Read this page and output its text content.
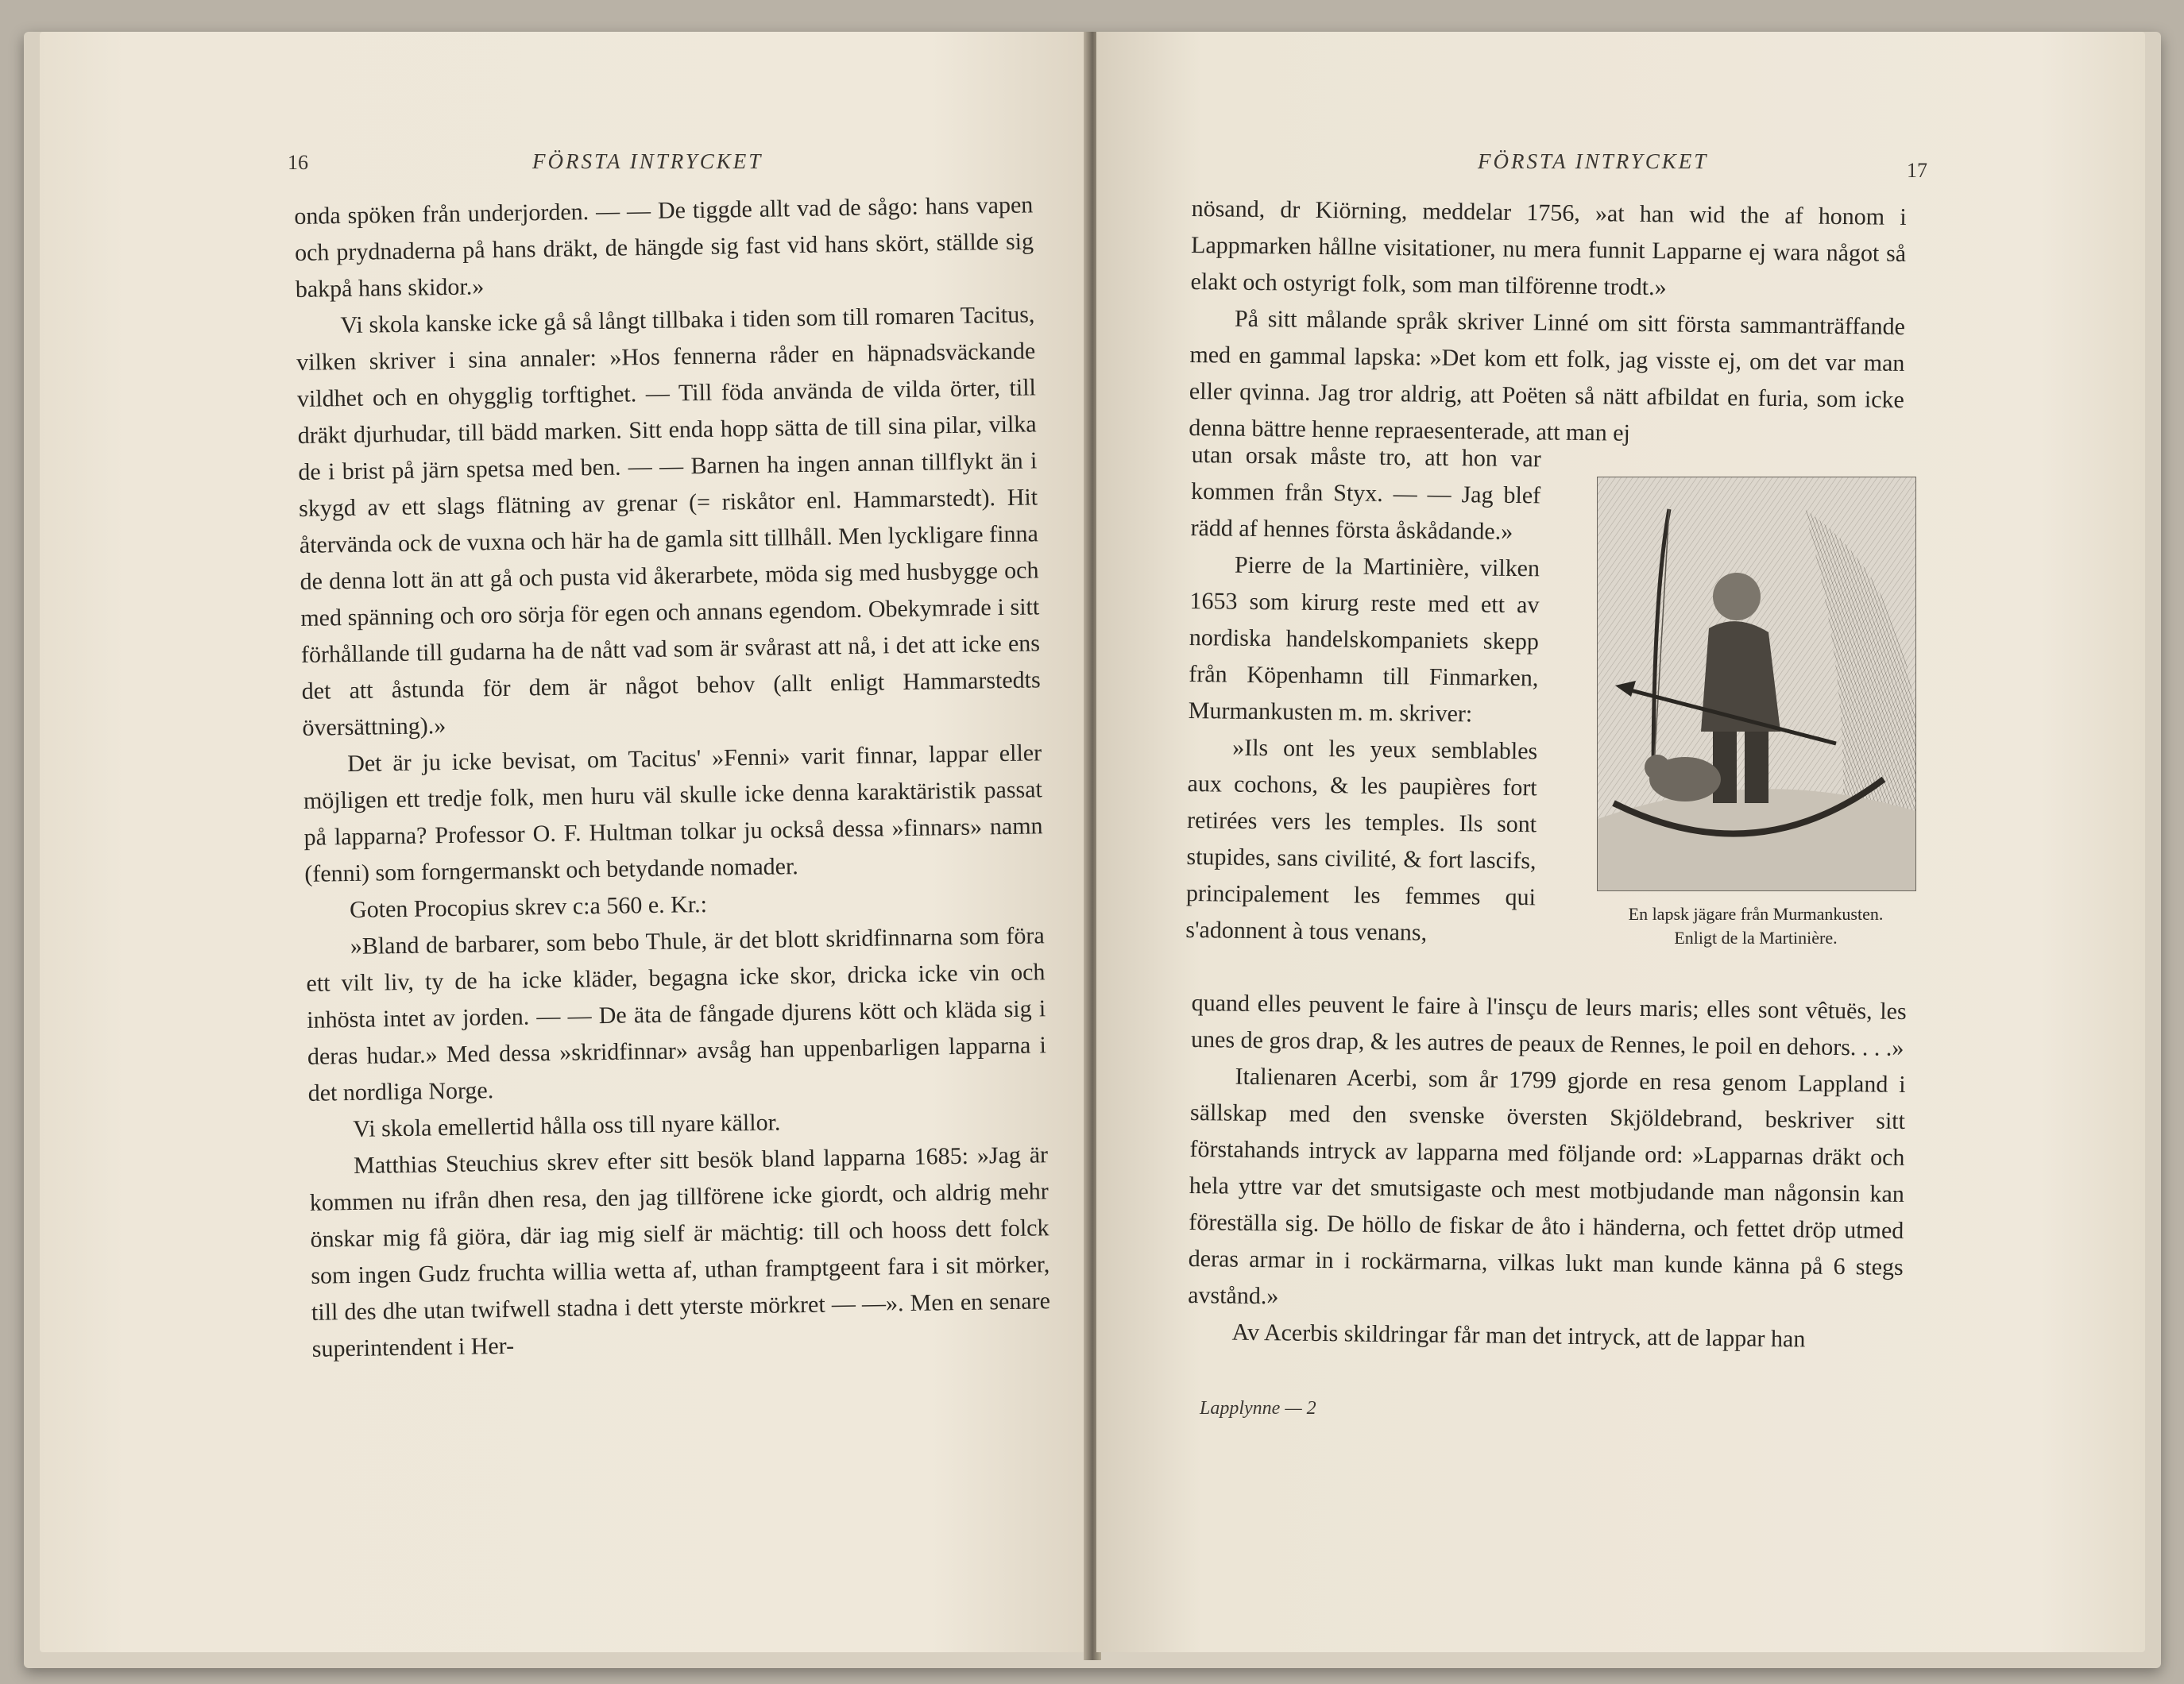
16	FÖRSTA INTRYCKET

onda spöken från underjorden. — — De tiggde allt vad de sågo: hans vapen och prydnaderna på hans dräkt, de hängde sig fast vid hans skört, ställde sig bakpå hans skidor.»

Vi skola kanske icke gå så långt tillbaka i tiden som till romaren Tacitus, vilken skriver i sina annaler: »Hos fennerna råder en häpnadsväckande vildhet och en ohygglig torftighet. — Till föda använda de vilda örter, till dräkt djurhudar, till bädd marken. Sitt enda hopp sätta de till sina pilar, vilka de i brist på järn spetsa med ben. — — Barnen ha ingen annan tillflykt än i skygd av ett slags flätning av grenar (= riskåtor enl. Hammarstedt). Hit återvända ock de vuxna och här ha de gamla sitt tillhåll. Men lyckligare finna de denna lott än att gå och pusta vid åkerarbete, möda sig med husbygge och med spänning och oro sörja för egen och annans egendom. Obekymrade i sitt förhållande till gudarna ha de nått vad som är svårast att nå, i det att icke ens det att åstunda för dem är något behov (allt enligt Hammarstedts översättning).»

Det är ju icke bevisat, om Tacitus' »Fenni» varit finnar, lappar eller möjligen ett tredje folk, men huru väl skulle icke denna karaktäristik passat på lapparna? Professor O. F. Hultman tolkar ju också dessa »finnars» namn (fenni) som forngermanskt och betydande nomader.

Goten Procopius skrev c:a 560 e. Kr.:

»Bland de barbarer, som bebo Thule, är det blott skridfinnarna som föra ett vilt liv, ty de ha icke kläder, begagna icke skor, dricka icke vin och inhösta intet av jorden. — — De äta de fångade djurens kött och kläda sig i deras hudar.» Med dessa »skridfinnar» avsåg han uppenbarligen lapparna i det nordliga Norge.

Vi skola emellertid hålla oss till nyare källor.

Matthias Steuchius skrev efter sitt besök bland lapparna 1685: »Jag är kommen nu ifrån dhen resa, den jag tillförene icke giordt, och aldrig mehr önskar mig få giöra, där iag mig sielf är mächtig: till och hooss dett folck som ingen Gudz fruchta willia wetta af, uthan framptgeent fara i sit mörker, till des dhe utan twifwell stadna i dett yterste mörkret — —». Men en senare superintendent i Her-

FÖRSTA INTRYCKET	17

nösand, dr Kiörning, meddelar 1756, »at han wid the af honom i Lappmarken hållne visitationer, nu mera funnit Lapparne ej wara något så elakt och ostyrigt folk, som man tilförenne trodt.»

På sitt målande språk skriver Linné om sitt första sammanträffande med en gammal lapska: »Det kom ett folk, jag visste ej, om det var man eller qvinna. Jag tror aldrig, att Poëten så nätt afbildat en furia, som icke denna bättre henne repraesenterade, att man ej

utan orsak måste tro, att hon var kommen från Styx. — — Jag blef rädd af hennes första åskådande.»

Pierre de la Martinière, vilken 1653 som kirurg reste med ett av nordiska handelskompaniets skepp från Köpenhamn till Finmarken, Murmankusten m. m. skriver:

»Ils ont les yeux semblables aux cochons, & les paupières fort retirées vers les temples. Ils sont stupides, sans civilité, & fort lascifs, principalement les femmes qui s'adonnent à tous venans,

En lapsk jägare från Murmankusten.
Enligt de la Martinière.

quand elles peuvent le faire à l'insçu de leurs maris; elles sont vêtuës, les unes de gros drap, & les autres de peaux de Rennes, le poil en dehors. . . .»

Italienaren Acerbi, som år 1799 gjorde en resa genom Lappland i sällskap med den svenske översten Skjöldebrand, beskriver sitt förstahands intryck av lapparna med följande ord: »Lapparnas dräkt och hela yttre var det smutsigaste och mest motbjudande man någonsin kan föreställa sig. De höllo de fiskar de åto i händerna, och fettet dröp utmed deras armar in i rockärmarna, vilkas lukt man kunde känna på 6 stegs avstånd.»

Av Acerbis skildringar får man det intryck, att de lappar han

Lapplynne — 2
